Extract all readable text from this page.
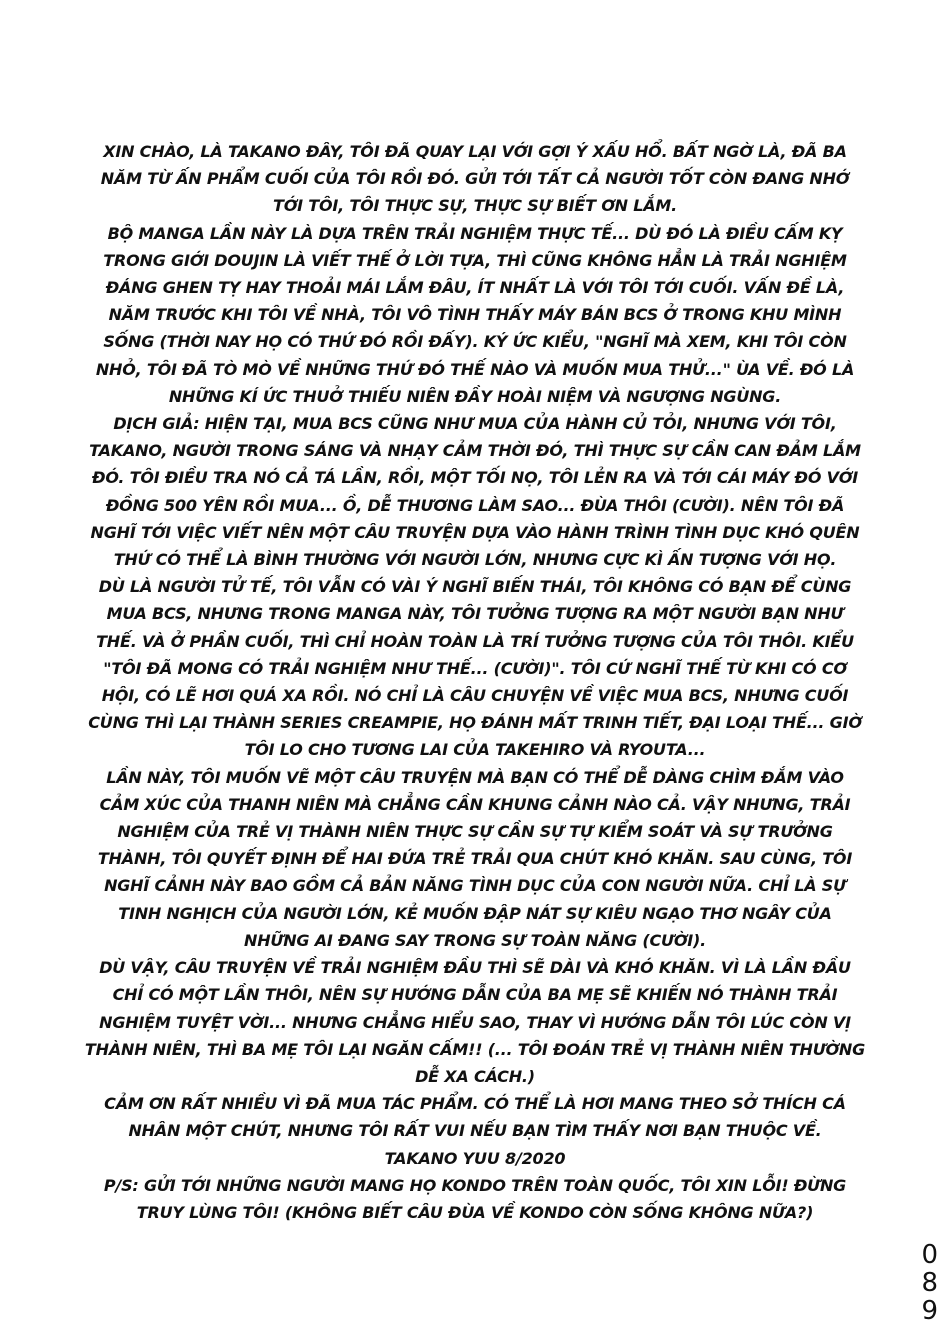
XIN CHÀO, LÀ TAKANO ĐÂY, TÔI ĐÃ QUAY LẠI VỚI GỢI Ý XẤU HỔ. BẤT NGỜ LÀ, ĐÃ BA
NĂM TỪ ẤN PHẨM CUỐI CỦA TÔI RỒI ĐÓ. GỬI TỚI TẤT CẢ NGƯỜI TỐT CÒN ĐANG NHỚ
TỚI TÔI, TÔI THỰC SỰ, THỰC SỰ BIẾT ƠN LẮM.
BỘ MANGA LẦN NÀY LÀ DỰA TRÊN TRẢI NGHIỆM THỰC TẾ... DÙ ĐÓ LÀ ĐIỀU CẤM KỴ
TRONG GIỚI DOUJIN LÀ VIẾT THẾ Ở LỜI TỰA, THÌ CŨNG KHÔNG HẲN LÀ TRẢI NGHIỆM
ĐÁNG GHEN TỴ HAY THOẢI MÁI LẮM ĐÂU, ÍT NHẤT LÀ VỚI TÔI TỚI CUỐI. VẤN ĐỀ LÀ,
NĂM TRƯỚC KHI TÔI VỀ NHÀ, TÔI VÔ TÌNH THẤY MÁY BÁN BCS Ở TRONG KHU MÌNH
SỐNG (THỜI NAY HỌ CÓ THỨ ĐÓ RỒI ĐẤY). KÝ ỨC KIỂU, "NGHĨ MÀ XEM, KHI TÔI CÒN
NHỎ, TÔI ĐÃ TÒ MÒ VỀ NHỮNG THỨ ĐÓ THẾ NÀO VÀ MUỐN MUA THỬ..." ÙA VỀ. ĐÓ LÀ
NHỮNG KÍ ỨC THUỞ THIẾU NIÊN ĐẦY HOÀI NIỆM VÀ NGƯỢNG NGÙNG.
DỊCH GIẢ: HIỆN TẠI, MUA BCS CŨNG NHƯ MUA CỦA HÀNH CỦ TỎI, NHƯNG VỚI TÔI,
TAKANO, NGƯỜI TRONG SÁNG VÀ NHẠY CẢM THỜI ĐÓ, THÌ THỰC SỰ CẦN CAN ĐẢM LẮM
ĐÓ. TÔI ĐIỀU TRA NÓ CẢ TÁ LẦN, RỒI, MỘT TỐI NỌ, TÔI LẺN RA VÀ TỚI CÁI MÁY ĐÓ VỚI
ĐỒNG 500 YÊN RỒI MUA... Ồ, DỄ THƯƠNG LÀM SAO... ĐÙA THÔI (CƯỜI). NÊN TÔI ĐÃ
NGHĨ TỚI VIỆC VIẾT NÊN MỘT CÂU TRUYỆN DỰA VÀO HÀNH TRÌNH TÌNH DỤC KHÓ QUÊN
THỨ CÓ THỂ LÀ BÌNH THƯỜNG VỚI NGƯỜI LỚN, NHƯNG CỰC KÌ ẤN TƯỢNG VỚI HỌ.
DÙ LÀ NGƯỜI TỬ TẾ, TÔI VẪN CÓ VÀI Ý NGHĨ BIẾN THÁI, TÔI KHÔNG CÓ BẠN ĐỂ CÙNG
MUA BCS, NHƯNG TRONG MANGA NÀY, TÔI TƯỞNG TƯỢNG RA MỘT NGƯỜI BẠN NHƯ
THẾ. VÀ Ở PHẦN CUỐI, THÌ CHỈ HOÀN TOÀN LÀ TRÍ TƯỞNG TƯỢNG CỦA TÔI THÔI. KIỂU
"TÔI ĐÃ MONG CÓ TRẢI NGHIỆM NHƯ THẾ... (CƯỜI)". TÔI CỨ NGHĨ THẾ TỪ KHI CÓ CƠ
HỘI, CÓ LẼ HƠI QUÁ XA RỒI. NÓ CHỈ LÀ CÂU CHUYỆN VỀ VIỆC MUA BCS, NHƯNG CUỐI
CÙNG THÌ LẠI THÀNH SERIES CREAMPIE, HỌ ĐÁNH MẤT TRINH TIẾT, ĐẠI LOẠI THẾ... GIỜ
TÔI LO CHO TƯƠNG LAI CỦA TAKEHIRO VÀ RYOUTA...
LẦN NÀY, TÔI MUỐN VẼ MỘT CÂU TRUYỆN MÀ BẠN CÓ THỂ DỄ DÀNG CHÌM ĐẮM VÀO
CẢM XÚC CỦA THANH NIÊN MÀ CHẲNG CẦN KHUNG CẢNH NÀO CẢ. VẬY NHƯNG, TRẢI
NGHIỆM CỦA TRẺ VỊ THÀNH NIÊN THỰC SỰ CẦN SỰ TỰ KIỂM SOÁT VÀ SỰ TRƯỞNG
THÀNH, TÔI QUYẾT ĐỊNH ĐỂ HAI ĐỨA TRẺ TRẢI QUA CHÚT KHÓ KHĂN. SAU CÙNG, TÔI
NGHĨ CẢNH NÀY BAO GỒM CẢ BẢN NĂNG TÌNH DỤC CỦA CON NGƯỜI NỮA. CHỈ LÀ SỰ
TINH NGHỊCH CỦA NGƯỜI LỚN, KẺ MUỐN ĐẬP NÁT SỰ KIÊU NGẠO THƠ NGÂY CỦA
NHỮNG AI ĐANG SAY TRONG SỰ TOÀN NĂNG (CƯỜI).
DÙ VẬY, CÂU TRUYỆN VỀ TRẢI NGHIỆM ĐẦU THÌ SẼ DÀI VÀ KHÓ KHĂN. VÌ LÀ LẦN ĐẦU
CHỈ CÓ MỘT LẦN THÔI, NÊN SỰ HƯỚNG DẪN CỦA BA MẸ SẼ KHIẾN NÓ THÀNH TRẢI
NGHIỆM TUYỆT VỜI... NHƯNG CHẲNG HIỂU SAO, THAY VÌ HƯỚNG DẪN TÔI LÚC CÒN VỊ
THÀNH NIÊN, THÌ BA MẸ TÔI LẠI NGĂN CẤM!! (... TÔI ĐOÁN TRẺ VỊ THÀNH NIÊN THƯỜNG
DỄ XA CÁCH.)
CẢM ƠN RẤT NHIỀU VÌ ĐÃ MUA TÁC PHẨM. CÓ THỂ LÀ HƠI MANG THEO SỞ THÍCH CÁ
NHÂN MỘT CHÚT, NHƯNG TÔI RẤT VUI NẾU BẠN TÌM THẤY NƠI BẠN THUỘC VỀ.
TAKANO YUU 8/2020
P/S: GỬI TỚI NHỮNG NGƯỜI MANG HỌ KONDO TRÊN TOÀN QUỐC, TÔI XIN LỖI! ĐỪNG
TRUY LÙNG TÔI! (KHÔNG BIẾT CÂU ĐÙA VỀ KONDO CÒN SỐNG KHÔNG NỮA?)
0
8
9
